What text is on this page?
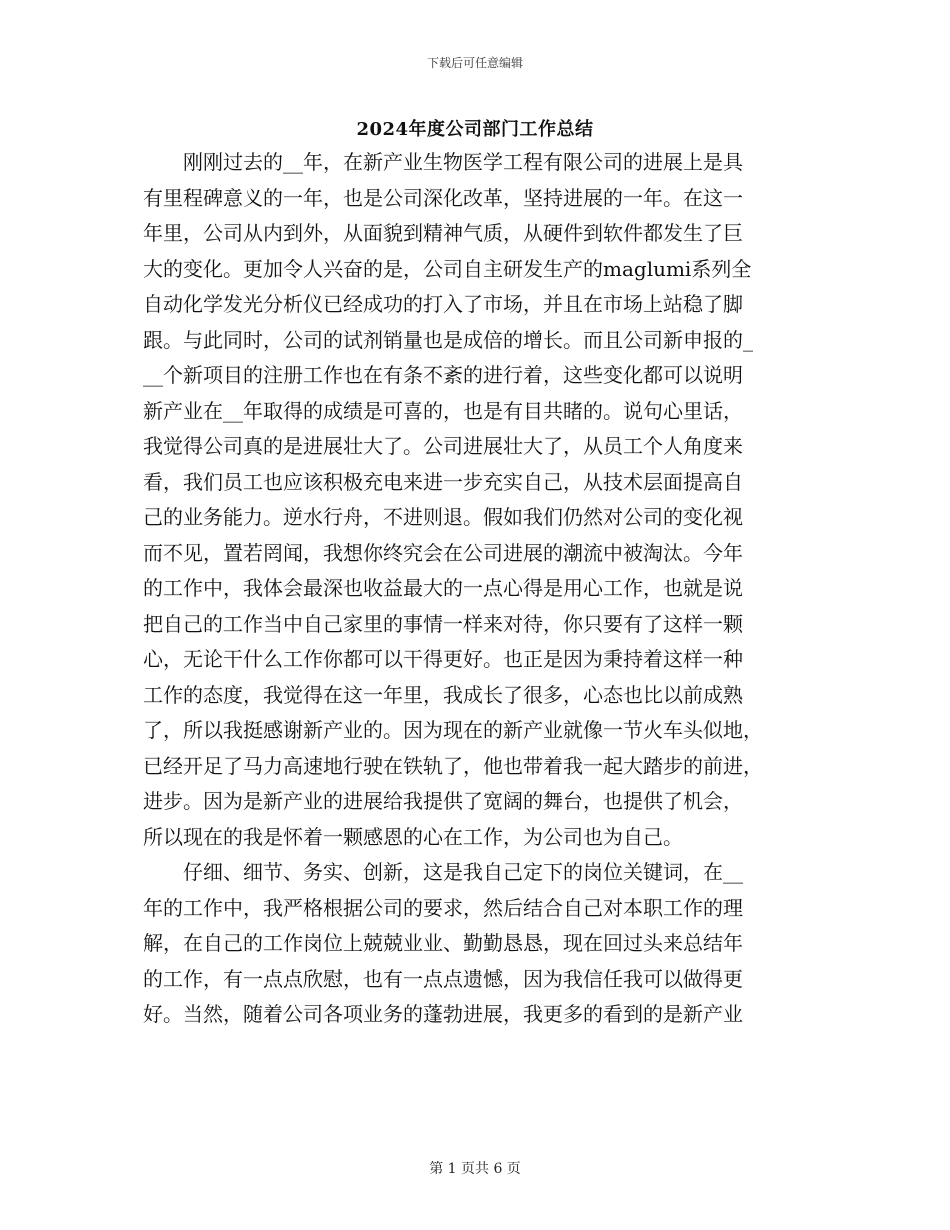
下载后可任意编辑
2024年度公司部门工作总结

刚刚过去的__年，在新产业生物医学工程有限公司的进展上是具
有里程碑意义的一年，也是公司深化改革，坚持进展的一年。在这一
年里，公司从内到外，从面貌到精神气质，从硬件到软件都发生了巨
大的变化。更加令人兴奋的是，公司自主研发生产的maglumi系列全
自动化学发光分析仪已经成功的打入了市场，并且在市场上站稳了脚
跟。与此同时，公司的试剂销量也是成倍的增长。而且公司新申报的_
__个新项目的注册工作也在有条不紊的进行着，这些变化都可以说明
新产业在__年取得的成绩是可喜的，也是有目共睹的。说句心里话，
我觉得公司真的是进展壮大了。公司进展壮大了，从员工个人角度来
看，我们员工也应该积极充电来进一步充实自己，从技术层面提高自
己的业务能力。逆水行舟，不进则退。假如我们仍然对公司的变化视
而不见，置若罔闻，我想你终究会在公司进展的潮流中被淘汰。今年
的工作中，我体会最深也收益最大的一点心得是用心工作，也就是说
把自己的工作当中自己家里的事情一样来对待，你只要有了这样一颗
心，无论干什么工作你都可以干得更好。也正是因为秉持着这样一种
工作的态度，我觉得在这一年里，我成长了很多，心态也比以前成熟
了，所以我挺感谢新产业的。因为现在的新产业就像一节火车头似地，
已经开足了马力高速地行驶在铁轨了，他也带着我一起大踏步的前进，
进步。因为是新产业的进展给我提供了宽阔的舞台，也提供了机会，
所以现在的我是怀着一颗感恩的心在工作，为公司也为自己。

仔细、细节、务实、创新，这是我自己定下的岗位关键词，在__
年的工作中，我严格根据公司的要求，然后结合自己对本职工作的理
解，在自己的工作岗位上兢兢业业、勤勤恳恳，现在回过头来总结年
的工作，有一点点欣慰，也有一点点遗憾，因为我信任我可以做得更
好。当然，随着公司各项业务的蓬勃进展，我更多的看到的是新产业

第 1 页共 6 页
